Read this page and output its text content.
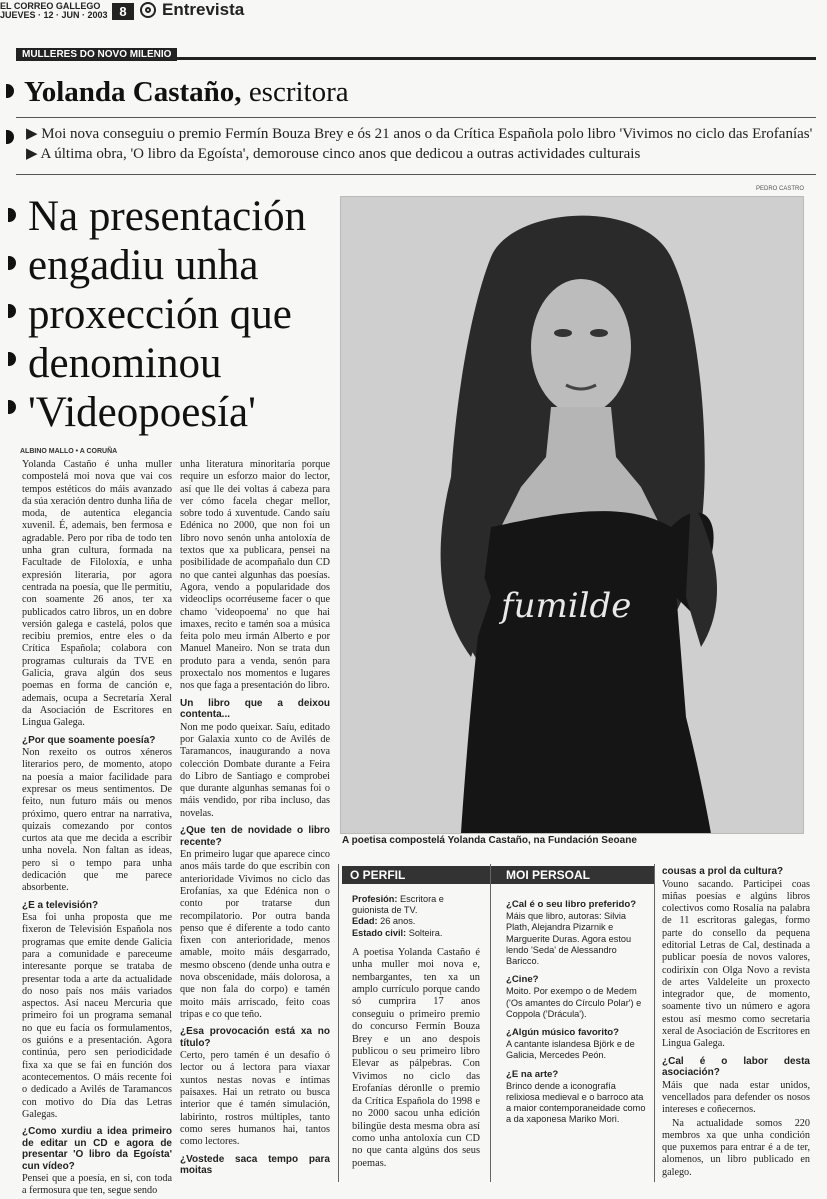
EL CORREO GALLEGO
JUEVES · 12 · JUN · 2003 8	Entrevista
MULLERES DO NOVO MILENIO
Yolanda Castaño, escritora
▶ Moi nova conseguiu o premio Fermín Bouza Brey e ós 21 anos o da Crítica Española polo libro 'Vivimos no ciclo das Erofanías' ▶ A última obra, 'O libro da Egoísta', demorouse cinco anos que dedicou a outras actividades culturais
Na presentación
engadiu unha
proxección que
denominou
'Videopoesía'
ALBINO MALLO • A CORUÑA

Yolanda Castaño é unha muller compostelá moi nova que vai cos tempos estéticos do máis avanzado da súa xeración dentro dunha liña de moda, de autentica elegancia xuvenil. É, ademais, ben fermosa e agradable. Pero por riba de todo ten unha gran cultura, formada na Facultade de Filoloxía, e unha expresión literaria, por agora centrada na poesía, que lle permitiu, con soamente 26 anos, ter xa publicados catro libros, un en dobre versión galega e castelá, polos que recibiu premios, entre eles o da Crítica Española; colabora con programas culturais da TVE en Galicia, grava algún dos seus poemas en forma de canción e, ademais, ocupa a Secretaría Xeral da Asociación de Escritores en Lingua Galega.

¿Por que soamente poesía?

Non rexeito os outros xéneros literarios pero, de momento, atopo na poesía a maior facilidade para expresar os meus sentimentos. De feito, nun futuro máis ou menos próximo, quero entrar na narrativa, quizais comezando por contos curtos ata que me decida a escribir unha novela. Non faltan as ideas, pero si o tempo para unha dedicación que me parece absorbente.

¿E a televisión?

Esa foi unha proposta que me fixeron de Televisión Española nos programas que emite dende Galicia para a comunidade e pareceume interesante porque se trataba de presentar toda a arte da actualidade do noso país nos máis variados aspectos. Así naceu Mercuria que primeiro foi un programa semanal no que eu facía os formulamentos, os guións e a presentación. Agora continúa, pero sen periodicidade fixa xa que se fai en función dos acontecementos. O máis recente foi o dedicado a Avilés de Taramancos con motivo do Día das Letras Galegas.

¿Como xurdiu a idea primeiro de editar un CD e agora de presentar 'O libro da Egoísta' cun vídeo?

Pensei que a poesía, en si, con toda a fermosura que ten, segue sendo

unha literatura minoritaria porque require un esforzo maior do lector, así que lle dei voltas á cabeza para ver cómo facela chegar mellor, sobre todo á xuventude. Cando saíu Edénica no 2000, que non foi un libro novo senón unha antoloxía de textos que xa publicara, pensei na posibilidade de acompañalo dun CD no que cantei algunhas das poesías. Agora, vendo a popularidade dos videoclips ocorréuseme facer o que chamo 'videopoema' no que hai imaxes, recito e tamén soa a música feita polo meu irmán Alberto e por Manuel Maneiro. Non se trata dun produto para a venda, senón para proxectalo nos momentos e lugares nos que faga a presentación do libro.

Un libro que a deixou contenta...

Non me podo queixar. Saíu, editado por Galaxia xunto co de Avilés de Taramancos, inaugurando a nova colección Dombate durante a Feira do Libro de Santiago e comprobei que durante algunhas semanas foi o máis vendido, por riba incluso, das novelas.

¿Que ten de novidade o libro recente?

En primeiro lugar que aparece cinco anos máis tarde do que escribín con anterioridade Vivimos no ciclo das Erofanías, xa que Edénica non o conto por tratarse dun recompilatorio. Por outra banda penso que é diferente a todo canto fixen con anterioridade, menos amable, moito máis desgarrado, mesmo obsceno (dende unha outra e nova obscenidade, máis dolorosa, a que non fala do corpo) e tamén moito máis arriscado, feito coas tripas e co que teño.

¿Esa provocación está xa no título?

Certo, pero tamén é un desafío ó lector ou á lectora para viaxar xuntos nestas novas e íntimas paisaxes. Hai un retrato ou busca interior que é tamén simulación, labirinto, rostros múltiples, tanto como seres humanos hai, tantos como lectores.

¿Vostede saca tempo para moitas
PEDRO CASTRO
fumilde
A poetisa compostelá Yolanda Castaño, na Fundación Seoane
O PERFIL

Profesión: Escritora e guionista de TV.

Edad: 26 anos.

Estado civil: Solteira.

A poetisa Yolanda Castaño é unha muller moi nova e, nembargantes, ten xa un amplo currículo porque cando só cumprira 17 anos conseguiu o primeiro premio do concurso Fermín Bouza Brey e un ano despois publicou o seu primeiro libro Elevar as pálpebras. Con Vivimos no ciclo das Erofanías déronlle o premio da Crítica Española do 1998 e no 2000 sacou unha edición bilingüe desta mesma obra así como unha antoloxía cun CD no que canta algúns dos seus poemas.

MOI PERSOAL
¿Cal é o seu libro preferido?

Máis que libro, autoras: Silvia Plath, Alejandra Pizarnik e Marguerite Duras. Agora estou lendo 'Seda' de Alessandro Baricco.

¿Cine?

Moito. Por exempo o de Medem ('Os amantes do Círculo Polar') e Coppola ('Drácula').

¿Algún músico favorito?

A cantante islandesa Björk e de Galicia, Mercedes Peón.

¿E na arte?

Brinco dende a iconografía relixiosa medieval e o barroco ata a maior contemporaneidade como a da xaponesa Mariko Mori.

cousas a prol da cultura?

Vouno sacando. Participei coas miñas poesías e algúns libros colectivos como Rosalía na palabra de 11 escritoras galegas, formo parte do consello da pequena editorial Letras de Cal, destinada a publicar poesía de novos valores, codirixín con Olga Novo a revista de artes Valdeleite un proxecto integrador que, de momento, soamente tivo un número e agora estou así mesmo como secretaria xeral de Asociación de Escritores en Lingua Galega.

¿Cal é o labor desta asociación?

Máis que nada estar unidos, vencellados para defender os nosos intereses e coñecernos.

Na actualidade somos 220 membros xa que unha condición que puxemos para entrar é a de ter, alomenos, un libro publicado en galego.
